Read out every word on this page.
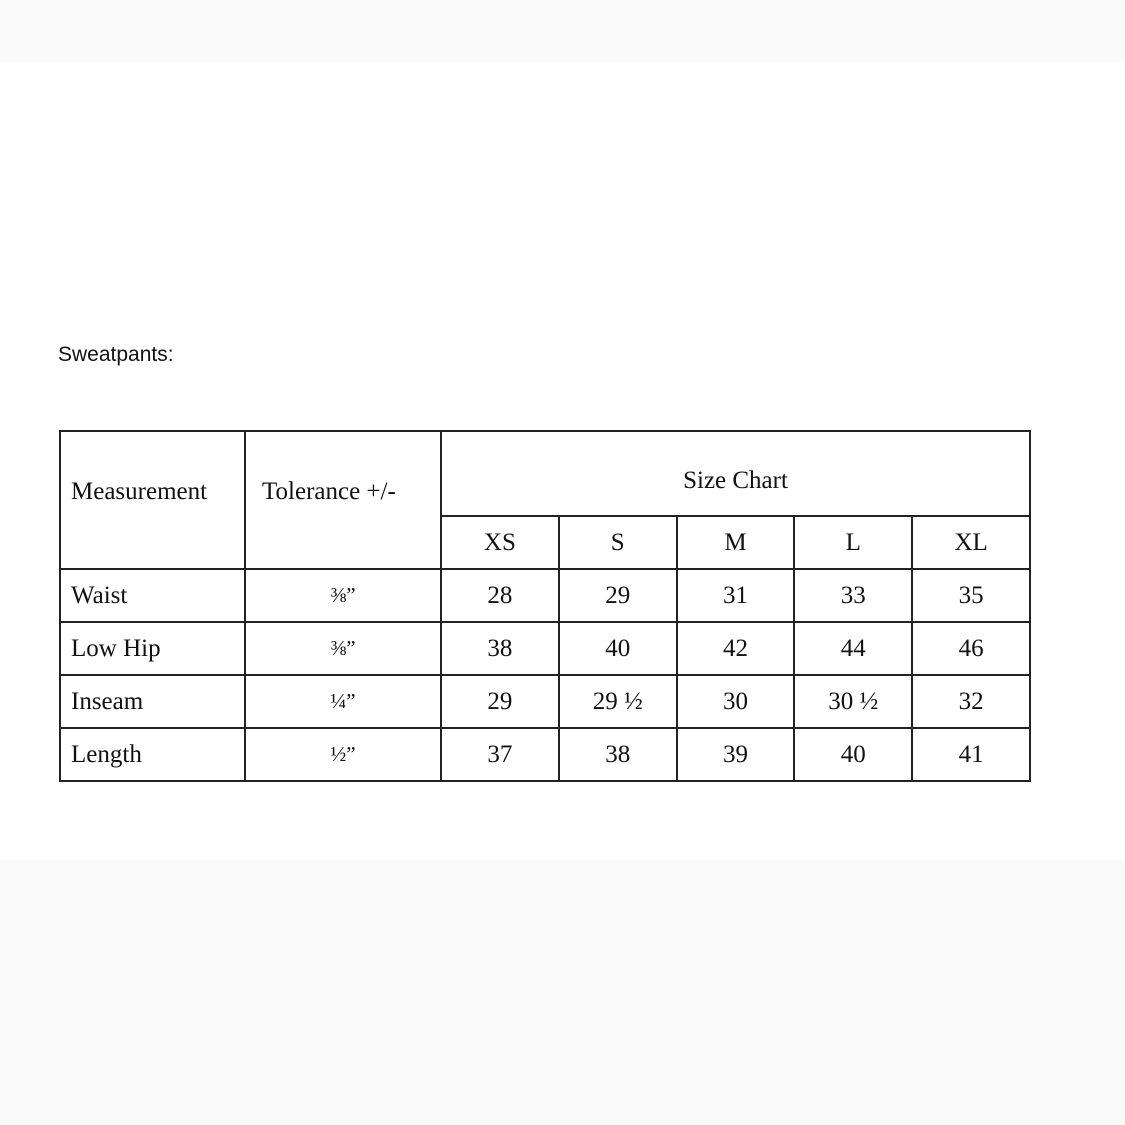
Sweatpants:

Measurement	Tolerance +/-	Size Chart				
		XS	S	M	L	XL
Waist	⅜”	28	29	31	33	35
Low Hip	⅜”	38	40	42	44	46
Inseam	¼”	29	29 ½	30	30 ½	32
Length	½”	37	38	39	40	41
